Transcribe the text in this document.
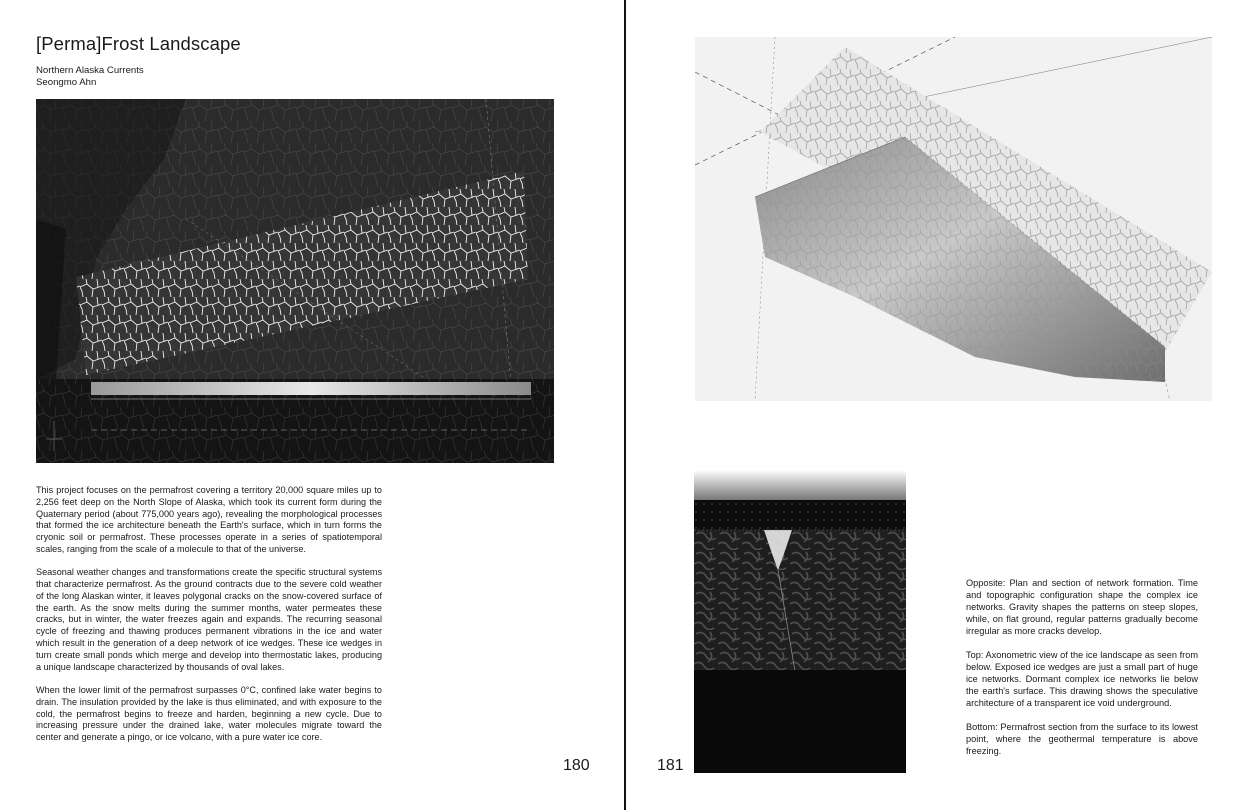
[Perma]Frost Landscape
Northern Alaska Currents
Seongmo Ahn

This project focuses on the permafrost covering a territory 20,000 square miles up to 2,256 feet deep on the North Slope of Alaska, which took its current form during the Quaternary period (about 775,000 years ago), revealing the morphological processes that formed the ice architecture beneath the Earth's surface, which in turn forms the cryonic soil or permafrost. These processes operate in a series of spatiotemporal scales, ranging from the scale of a molecule to that of the universe.

Seasonal weather changes and transformations create the specific structural systems that characterize permafrost. As the ground contracts due to the severe cold weather of the long Alaskan winter, it leaves polygonal cracks on the snow-covered surface of the earth. As the snow melts during the summer months, water permeates these cracks, but in winter, the water freezes again and expands. The recurring seasonal cycle of freezing and thawing produces permanent vibrations in the ice and water which result in the generation of a deep network of ice wedges. These ice wedges in turn create small ponds which merge and develop into thermostatic lakes, producing a unique landscape characterized by thousands of oval lakes.

When the lower limit of the permafrost surpasses 0°C, confined lake water begins to drain. The insulation provided by the lake is thus eliminated, and with exposure to the cold, the permafrost begins to freeze and harden, beginning a new cycle. Due to increasing pressure under the drained lake, water molecules migrate toward the center and generate a pingo, or ice volcano, with a pure water ice core.

180

Opposite: Plan and section of network formation. Time and topographic configuration shape the complex ice networks. Gravity shapes the patterns on steep slopes, while, on flat ground, regular patterns gradually become irregular as more cracks develop.

Top: Axonometric view of the ice landscape as seen from below. Exposed ice wedges are just a small part of huge ice networks. Dormant complex ice networks lie below the earth's surface. This drawing shows the speculative architecture of a transparent ice void underground.

Bottom: Permafrost section from the surface to its lowest point, where the geothermal temperature is above freezing.

181
